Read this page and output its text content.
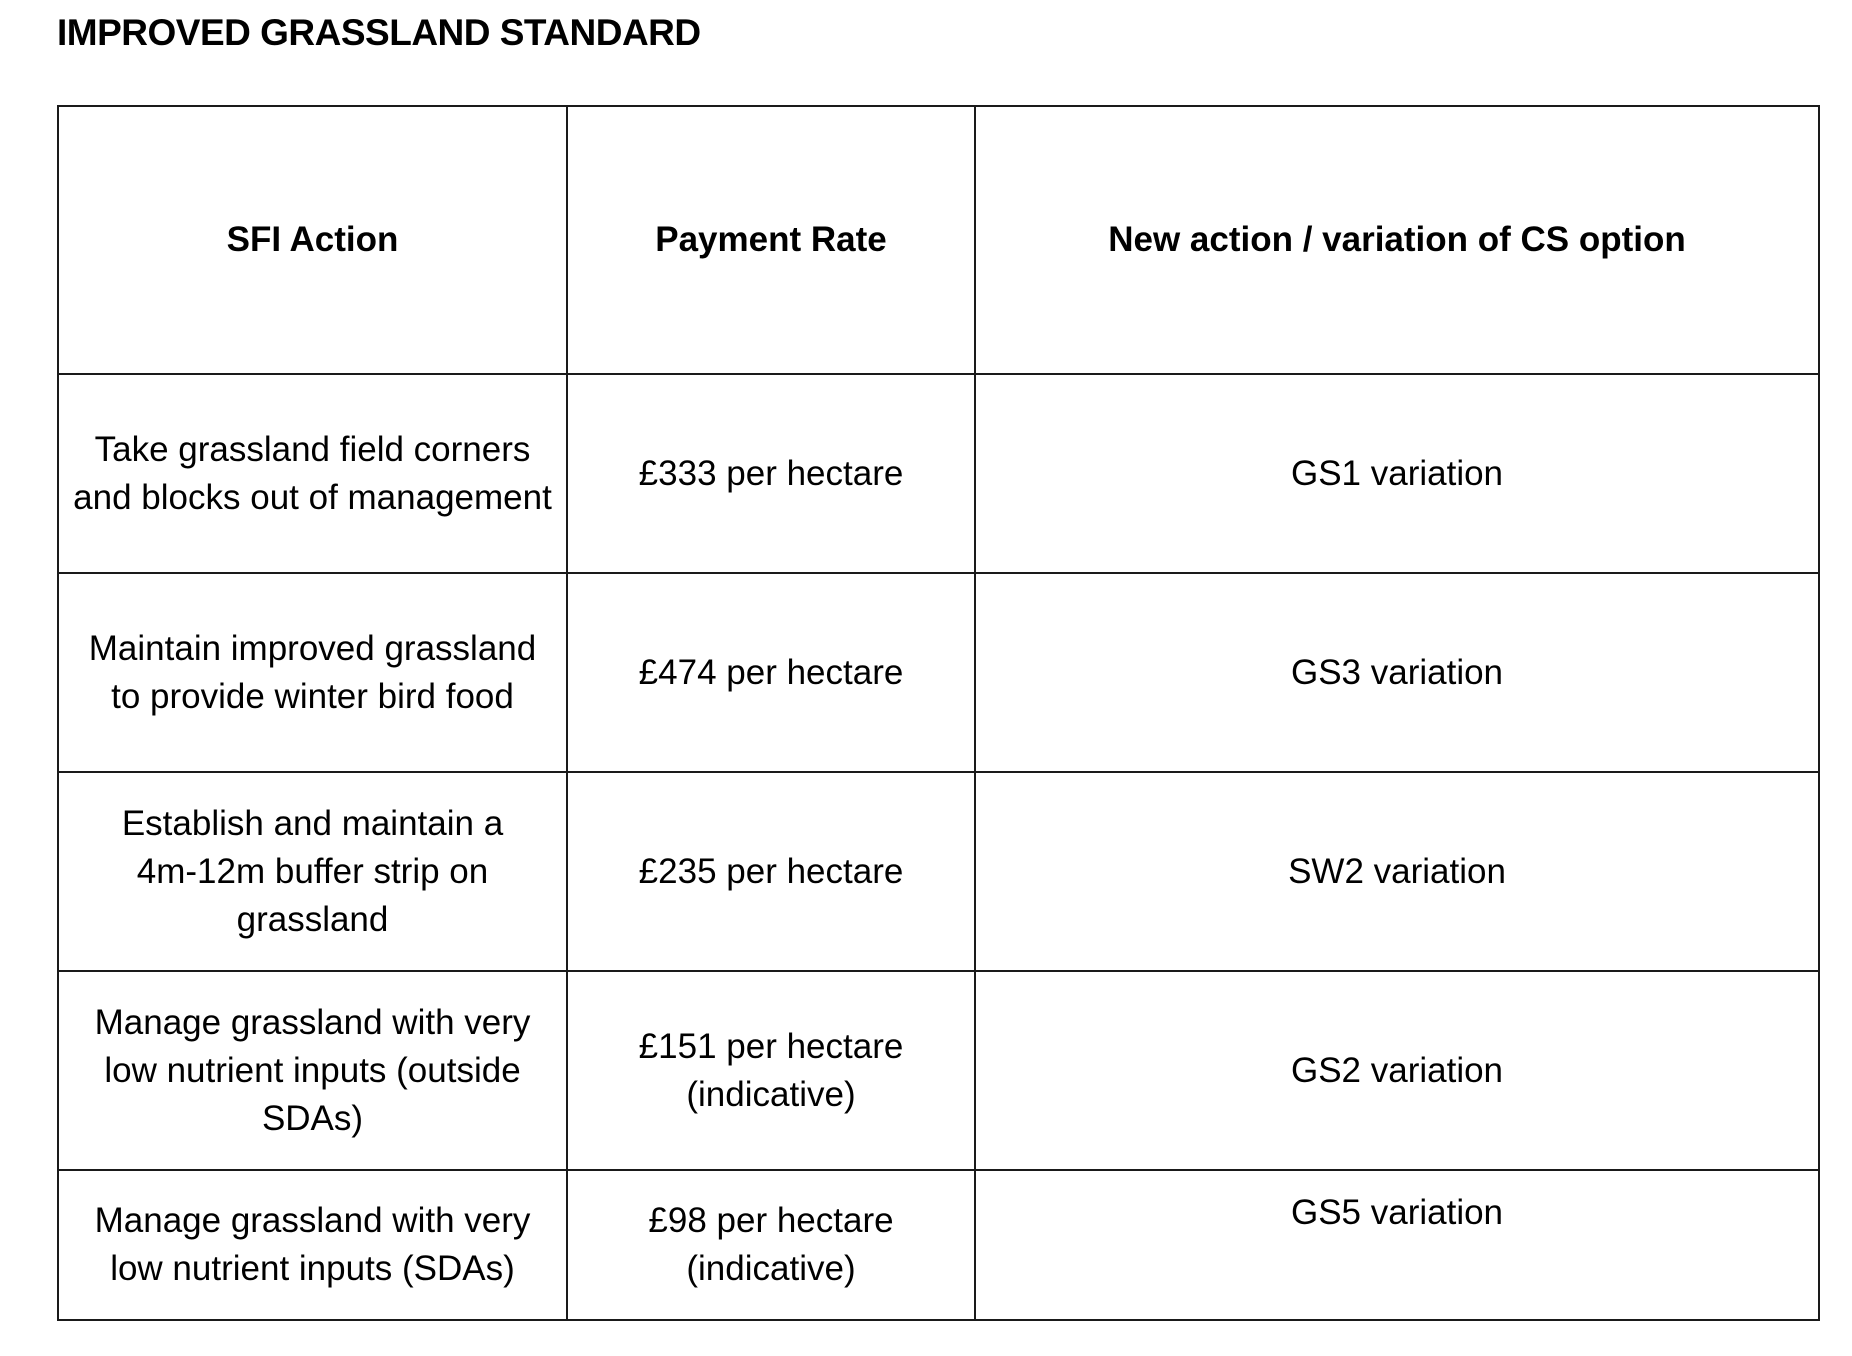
IMPROVED GRASSLAND STANDARD
SFI Action	Payment Rate	New action / variation of CS option

Take grassland field corners and blocks out of management	£333 per hectare	GS1 variation

Maintain improved grassland to provide winter bird food	£474 per hectare	GS3 variation

Establish and maintain a 4m-12m buffer strip on grassland	£235 per hectare	SW2 variation

Manage grassland with very low nutrient inputs (outside SDAs)	£151 per hectare (indicative)	GS2 variation

Manage grassland with very low nutrient inputs (SDAs)	£98 per hectare (indicative)	GS5 variation
